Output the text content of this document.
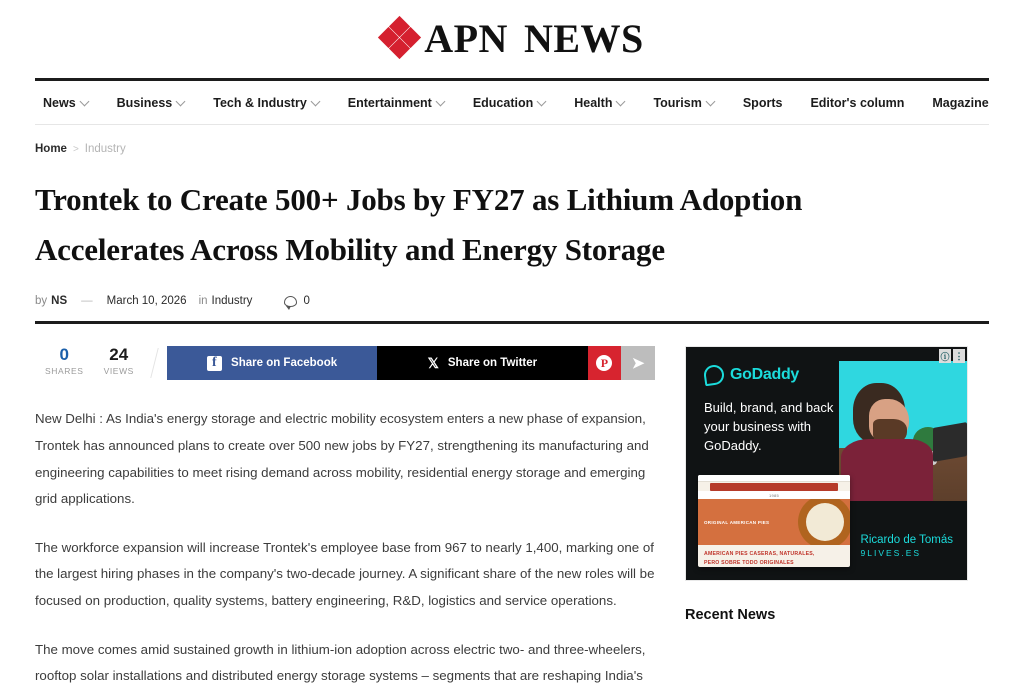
APN NEWS
News	Business	Tech & Industry	Entertainment	Education	Health	Tourism	Sports Editor's column Magazine
Home > Industry
Trontek to Create 500+ Jobs by FY27 as Lithium Adoption Accelerates Across Mobility and Energy Storage
by NS — March 10, 2026 in Industry	0
0
SHARES
24
VIEWS
f
Share on Facebook	𝕏 Share on Twitter	P ➤

New Delhi : As India's energy storage and electric mobility ecosystem enters a new phase of expansion, Trontek has announced plans to create over 500 new jobs by FY27, strengthening its manufacturing and engineering capabilities to meet rising demand across mobility, residential energy storage and emerging grid applications.

The workforce expansion will increase Trontek's employee base from 967 to nearly 1,400, marking one of the largest hiring phases in the company's two-decade journey. A significant share of the new roles will be focused on production, quality systems, battery engineering, R&D, logistics and service operations.

The move comes amid sustained growth in lithium-ion adoption across electric two- and three-wheelers, rooftop solar installations and distributed energy storage systems – segments that are reshaping India's

ⓘ ⋮
GoDaddy
Build, brand, and back your business with GoDaddy.
1985
ORIGINAL AMERICAN PIES
AMERICAN PIES CASERAS, NATURALES,
PERO SOBRE TODO ORIGINALES
Ricardo de Tomás
9LIVES.ES
Recent News
